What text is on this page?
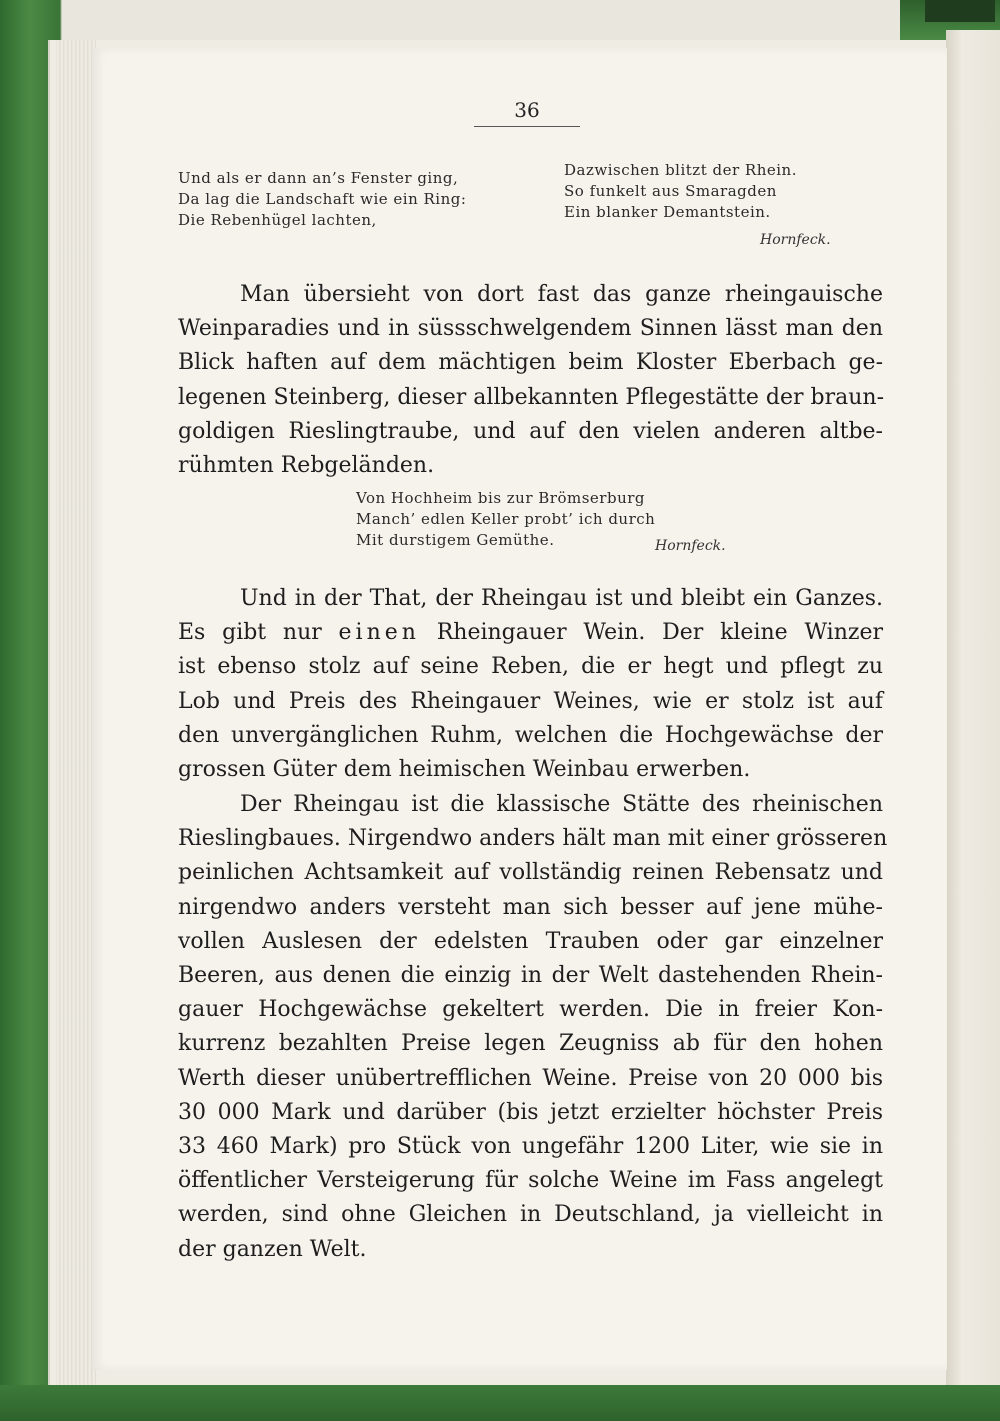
36
Und als er dann an’s Fenster ging,
Da lag die Landschaft wie ein Ring:
Die Rebenhügel lachten,
Dazwischen blitzt der Rhein.
So funkelt aus Smaragden
Ein blanker Demantstein.
Hornfeck.
Man übersieht von dort fast das ganze rheingauische
Weinparadies und in süssschwelgendem Sinnen lässt man den
Blick haften auf dem mächtigen beim Kloster Eberbach ge-
legenen Steinberg, dieser allbekannten Pflegestätte der braun-
goldigen Rieslingtraube, und auf den vielen anderen altbe-
rühmten Rebgeländen.
Von Hochheim bis zur Brömserburg
Manch’ edlen Keller probt’ ich durch
Mit durstigem Gemüthe.	Hornfeck.
Und in der That, der Rheingau ist und bleibt ein Ganzes.
Es gibt nur einen Rheingauer Wein. Der kleine Winzer
ist ebenso stolz auf seine Reben, die er hegt und pflegt zu
Lob und Preis des Rheingauer Weines, wie er stolz ist auf
den unvergänglichen Ruhm, welchen die Hochgewächse der
grossen Güter dem heimischen Weinbau erwerben.
Der Rheingau ist die klassische Stätte des rheinischen
Rieslingbaues. Nirgendwo anders hält man mit einer grösseren
peinlichen Achtsamkeit auf vollständig reinen Rebensatz und
nirgendwo anders versteht man sich besser auf jene mühe-
vollen Auslesen der edelsten Trauben oder gar einzelner
Beeren, aus denen die einzig in der Welt dastehenden Rhein-
gauer Hochgewächse gekeltert werden. Die in freier Kon-
kurrenz bezahlten Preise legen Zeugniss ab für den hohen
Werth dieser unübertrefflichen Weine. Preise von 20 000 bis
30 000 Mark und darüber (bis jetzt erzielter höchster Preis
33 460 Mark) pro Stück von ungefähr 1200 Liter, wie sie in
öffentlicher Versteigerung für solche Weine im Fass angelegt
werden, sind ohne Gleichen in Deutschland, ja vielleicht in
der ganzen Welt.
